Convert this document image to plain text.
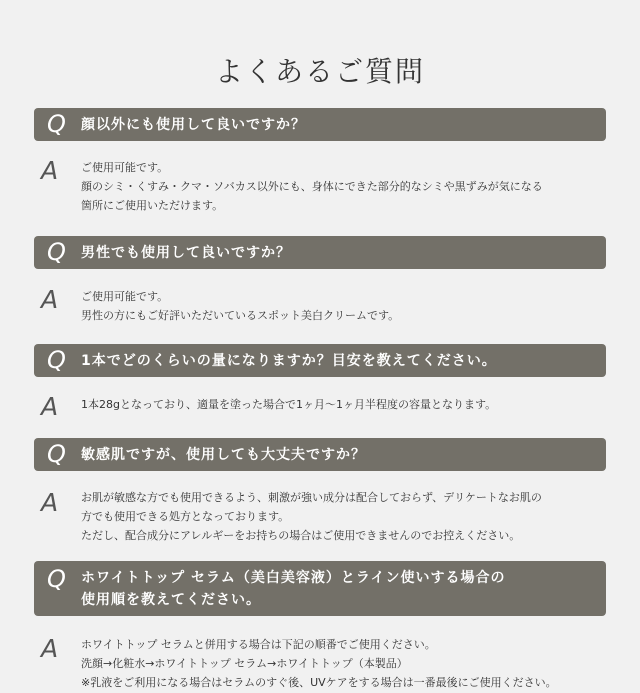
よくあるご質問
Q 顔以外にも使用して良いですか？
A ご使用可能です。
顔のシミ・くすみ・クマ・ソバカス以外にも、身体にできた部分的なシミや黒ずみが気になる
箇所にご使用いただけます。
Q 男性でも使用して良いですか？
A ご使用可能です。
男性の方にもご好評いただいているスポット美白クリームです。
Q 1本でどのくらいの量になりますか？目安を教えてください。
A 1本28gとなっており、適量を塗った場合で1ヶ月〜1ヶ月半程度の容量となります。
Q 敏感肌ですが、使用しても大丈夫ですか？
A お肌が敏感な方でも使用できるよう、刺激が強い成分は配合しておらず、デリケートなお肌の
方でも使用できる処方となっております。
ただし、配合成分にアレルギーをお持ちの場合はご使用できませんのでお控えください。
Q ホワイトトップ セラム（美白美容液）とライン使いする場合の
使用順を教えてください。
A ホワイトトップ セラムと併用する場合は下記の順番でご使用ください。
洗顔→化粧水→ホワイトトップ セラム→ホワイトトップ（本製品）
※乳液をご利用になる場合はセラムのすぐ後、UVケアをする場合は一番最後にご使用ください。
